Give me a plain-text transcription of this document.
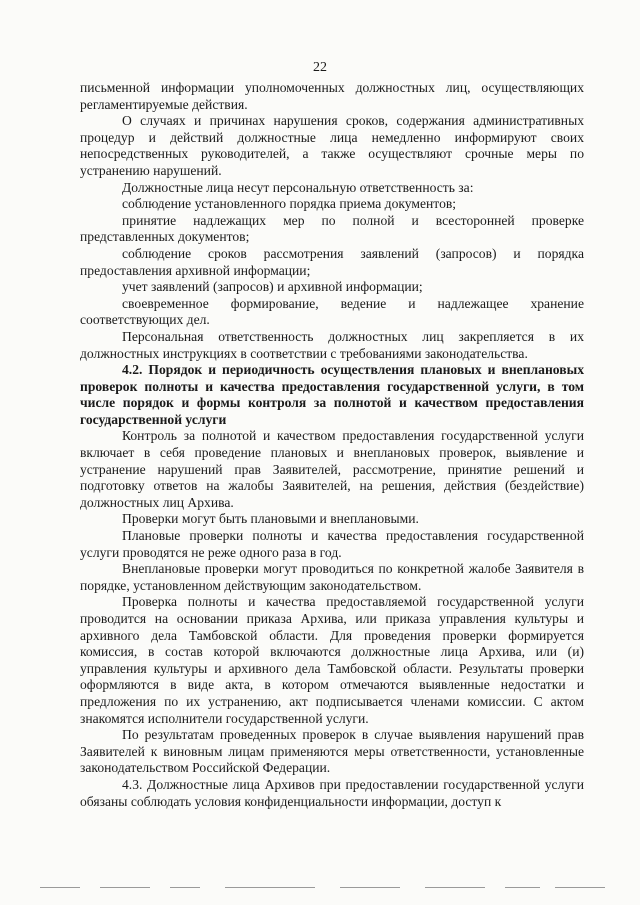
22

письменной информации уполномоченных должностных лиц, осуществляющих регламентируемые действия.

О случаях и причинах нарушения сроков, содержания административных процедур и действий должностные лица немедленно информируют своих непосредственных руководителей, а также осуществляют срочные меры по устранению нарушений.

Должностные лица несут персональную ответственность за:

соблюдение установленного порядка приема документов;

принятие надлежащих мер по полной и всесторонней проверке представленных документов;

соблюдение сроков рассмотрения заявлений (запросов) и порядка предоставления архивной информации;

учет заявлений (запросов) и архивной информации;

своевременное формирование, ведение и надлежащее хранение соответствующих дел.

Персональная ответственность должностных лиц закрепляется в их должностных инструкциях в соответствии с требованиями законодательства.

4.2. Порядок и периодичность осуществления плановых и внеплановых проверок полноты и качества предоставления государственной услуги, в том числе порядок и формы контроля за полнотой и качеством предоставления государственной услуги

Контроль за полнотой и качеством предоставления государственной услуги включает в себя проведение плановых и внеплановых проверок, выявление и устранение нарушений прав Заявителей, рассмотрение, принятие решений и подготовку ответов на жалобы Заявителей, на решения, действия (бездействие) должностных лиц Архива.

Проверки могут быть плановыми и внеплановыми.

Плановые проверки полноты и качества предоставления государственной услуги проводятся не реже одного раза в год.

Внеплановые проверки могут проводиться по конкретной жалобе Заявителя в порядке, установленном действующим законодательством.

Проверка полноты и качества предоставляемой государственной услуги проводится на основании приказа Архива, или приказа управления культуры и архивного дела Тамбовской области. Для проведения проверки формируется комиссия, в состав которой включаются должностные лица Архива, или (и) управления культуры и архивного дела Тамбовской области. Результаты проверки оформляются в виде акта, в котором отмечаются выявленные недостатки и предложения по их устранению, акт подписывается членами комиссии. С актом знакомятся исполнители государственной услуги.

По результатам проведенных проверок в случае выявления нарушений прав Заявителей к виновным лицам применяются меры ответственности, установленные законодательством Российской Федерации.

4.3. Должностные лица Архивов при предоставлении государственной услуги обязаны соблюдать условия конфиденциальности информации, доступ к
